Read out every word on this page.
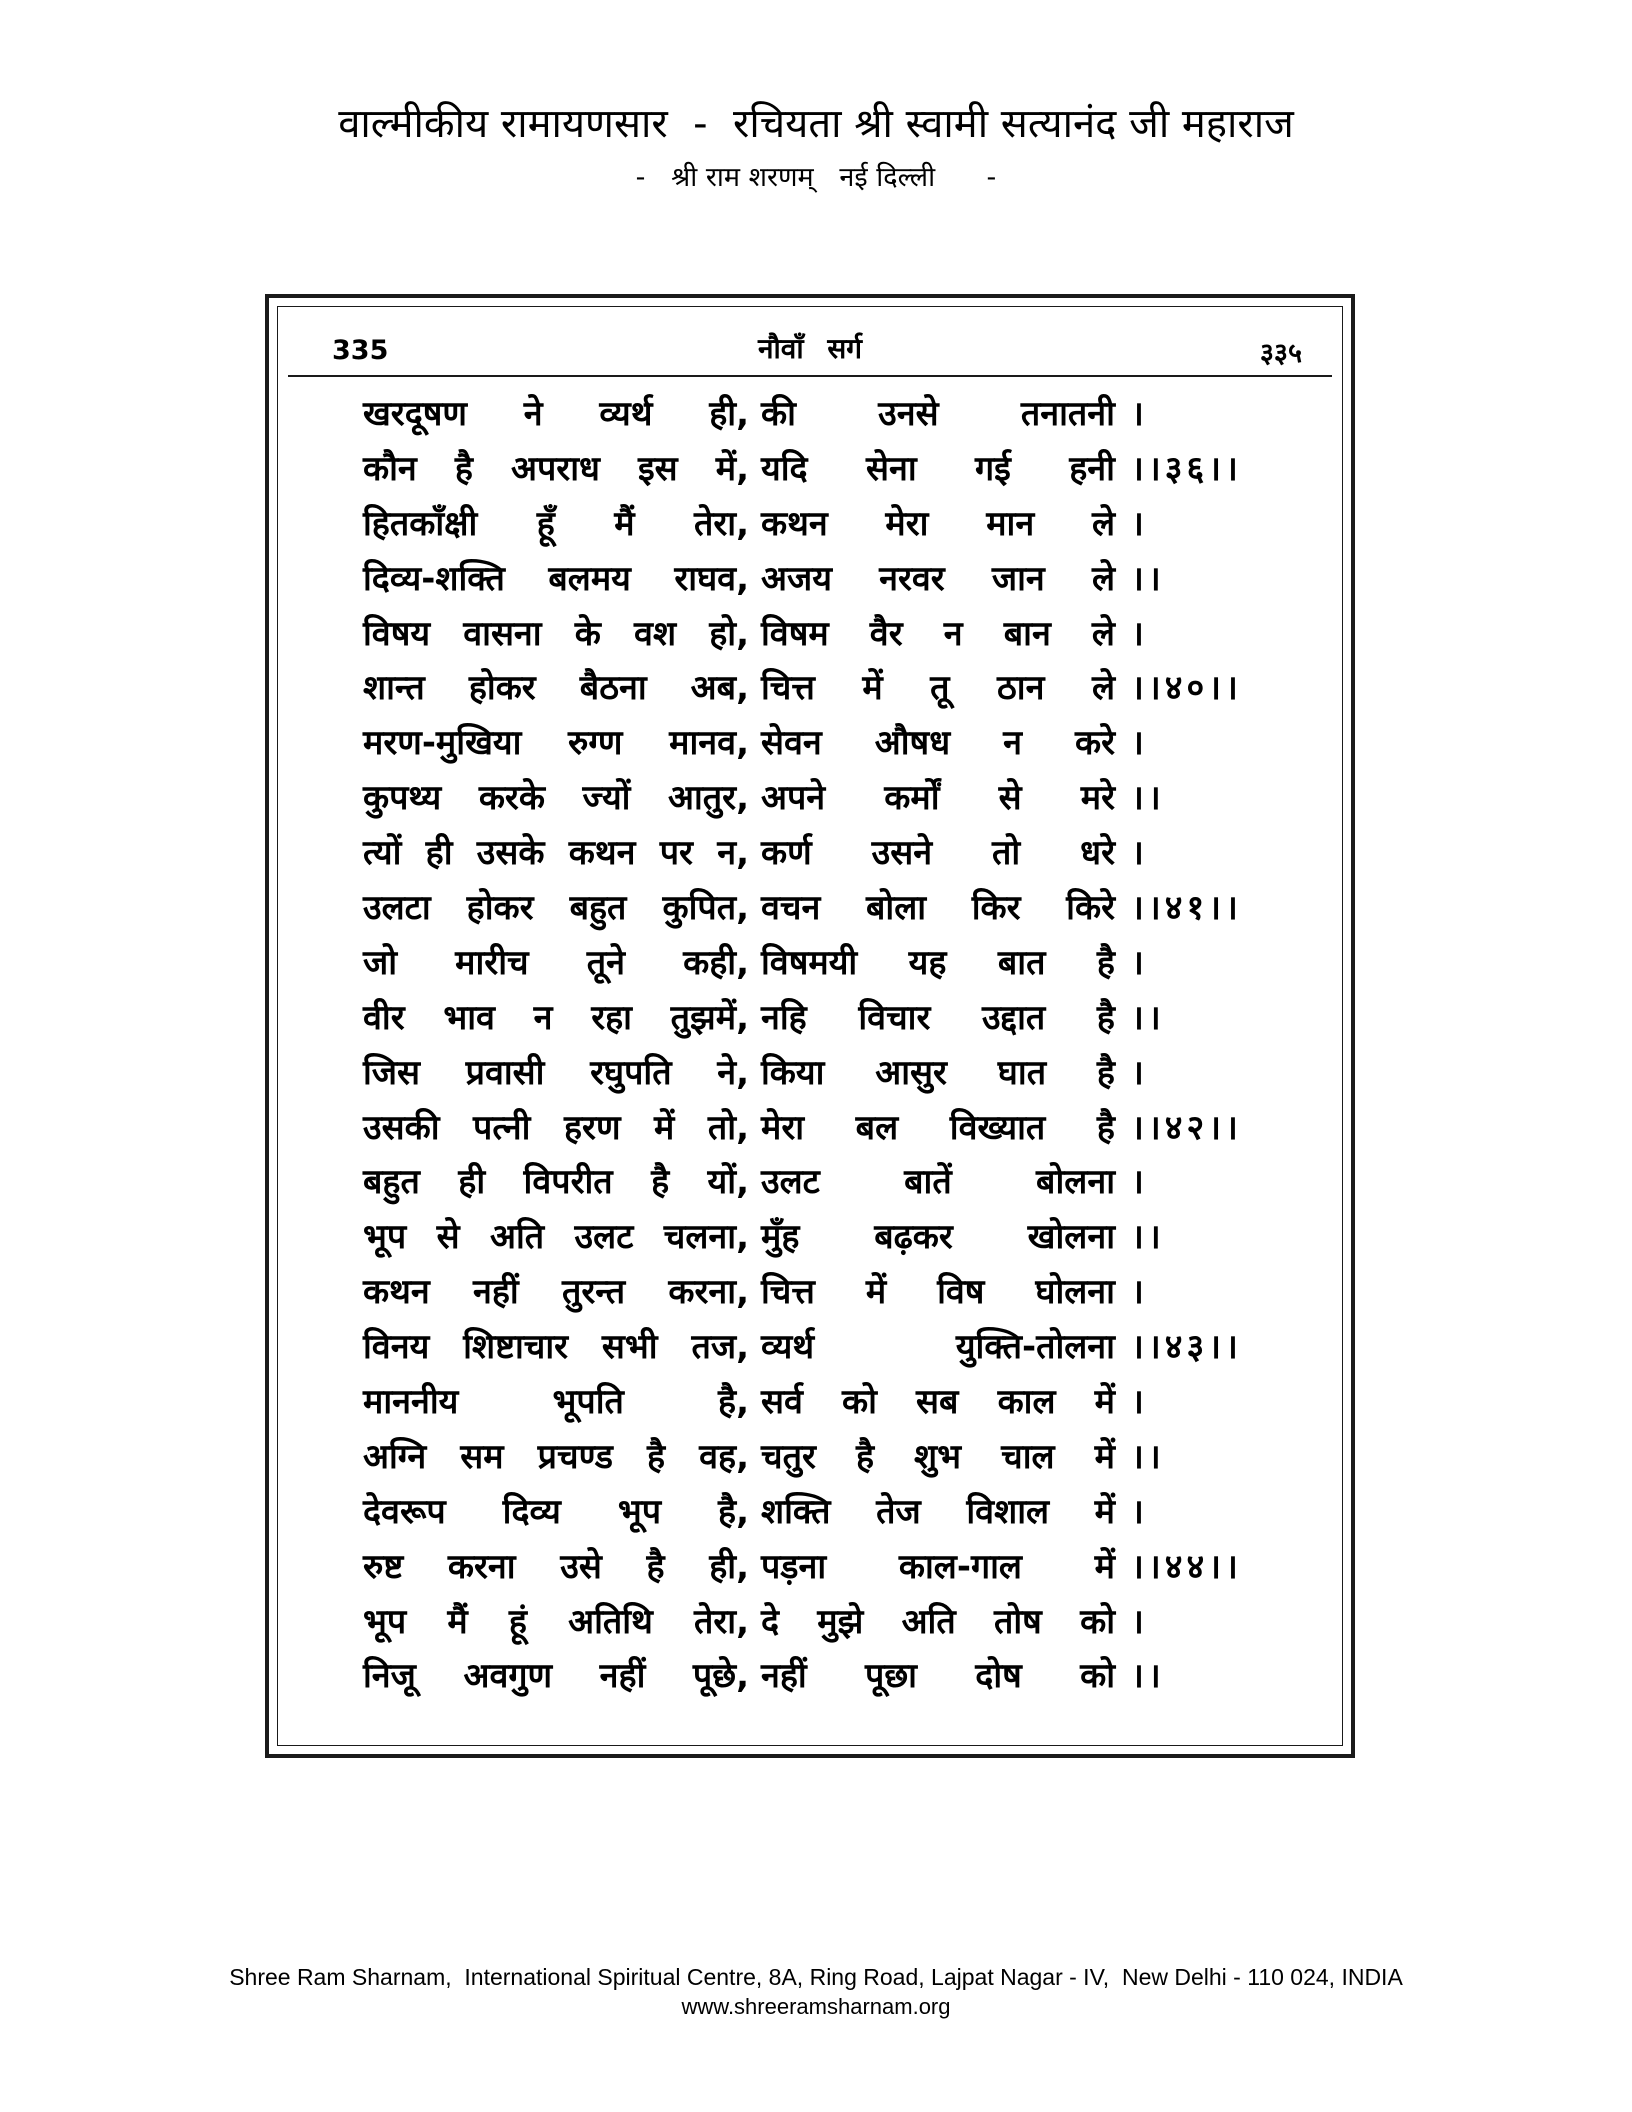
वाल्मीकीय रामायणसार  -  रचियता श्री स्वामी सत्यानंद जी महाराज
-   श्री राम शरणम्   नई दिल्ली      -
335	नौवाँ सर्ग	३३५
खरदूषण ने व्यर्थ ही, की उनसे तनातनी ।
कौन है अपराध इस में, यदि सेना गई हनी ।।३६।।
हितकाँक्षी हूँ मैं तेरा, कथन मेरा मान ले ।
दिव्य-शक्ति बलमय राघव, अजय नरवर जान ले ।।
विषय वासना के वश हो, विषम वैर न बान ले ।
शान्त होकर बैठना अब, चित्त में तू ठान ले ।।४०।।
मरण-मुखिया रुग्ण मानव, सेवन औषध न करे ।
कुपथ्य करके ज्यों आतुर, अपने कर्मों से मरे ।।
त्यों ही उसके कथन पर न, कर्ण उसने तो धरे ।
उलटा होकर बहुत कुपित, वचन बोला किर किरे ।।४१।।
जो मारीच तूने कही, विषमयी यह बात है ।
वीर भाव न रहा तुझमें, नहि विचार उद्दात है ।।
जिस प्रवासी रघुपति ने, किया आसुर घात है ।
उसकी पत्नी हरण में तो, मेरा बल विख्यात है ।।४२।।
बहुत ही विपरीत है यों, उलट बातें बोलना ।
भूप से अति उलट चलना, मुँह बढ़कर खोलना ।।
कथन नहीं तुरन्त करना, चित्त में विष घोलना ।
विनय शिष्टाचार सभी तज, व्यर्थ युक्ति-तोलना ।।४३।।
माननीय भूपति है, सर्व को सब काल में ।
अग्नि सम प्रचण्ड है वह, चतुर है शुभ चाल में ।।
देवरूप दिव्य भूप है, शक्ति तेज विशाल में ।
रुष्ट करना उसे है ही, पड़ना काल-गाल में ।।४४।।
भूप मैं हूं अतिथि तेरा, दे मुझे अति तोष को ।
निजू अवगुण नहीं पूछे, नहीं पूछा दोष को ।।
Shree Ram Sharnam,  International Spiritual Centre, 8A, Ring Road, Lajpat Nagar - IV,  New Delhi - 110 024, INDIA
www.shreeramsharnam.org
